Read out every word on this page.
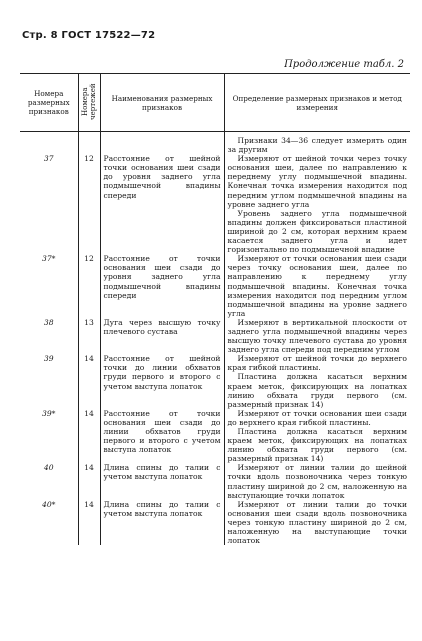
Стр. 8 ГОСТ 17522—72
Продолжение табл. 2
Номера размерных признаков	Номера чертежей	Наименования размерных признаков	Определение размерных признаков и метод измерения

			Признаки 34—36 следует измерять один за другим

37	12	Расстояние от шейной точки основания шеи сзади до уровня заднего угла подмышечной впадины спереди	Измеряют от шейной точки через точку основания шеи, далее по направлению к переднему углу подмышечной впадины. Конечная точка измерения находится под передним углом подмышечной впадины на уровне заднего угла

Уровень заднего угла подмышечной впадины должен фиксироваться пластиной шириной до 2 см, которая верхним краем касается заднего угла и идет горизонтально по подмышечной впадине

37*	12	Расстояние от точки основания шеи сзади до уровня заднего угла подмышечной впадины спереди	Измеряют от точки основания шеи сзади через точку основания шеи, далее по направлению к переднему углу подмышечной впадины. Конечная точка измерения находится под передним углом подмышечной впадины на уровне заднего угла

38	13	Дуга через высшую точку плечевого сустава	Измеряют в вертикальной плоскости от заднего угла подмышечной впадины через высшую точку плечевого сустава до уровня заднего угла спереди под передним углом

39	14	Расстояние от шейной точки до линии обхватов груди первого и второго с учетом выступа лопаток	Измеряют от шейной точки до верхнего края гибкой пластины.

Пластина должна касаться верхним краем меток, фиксирующих на лопатках линию обхвата груди первого (см. размерный признак 14)

39*	14	Расстояние от точки основания шеи сзади до линии обхватов груди первого и второго с учетом выступа лопаток	Измеряют от точки основания шеи сзади до верхнего края гибкой пластины.

Пластина должна касаться верхним краем меток, фиксирующих на лопатках линию обхвата груди первого (см. размерный признак 14)

40	14	Длина спины до талии с учетом выступа лопаток	Измеряют от линии талии до шейной точки вдоль позвоночника через тонкую пластину шириной до 2 см, наложенную на выступающие точки лопаток

40*	14	Длина спины до талии с учетом выступа лопаток	Измеряют от линии талии до точки основания шеи сзади вдоль позвоночника через тонкую пластину шириной до 2 см, наложенную на выступающие точки лопаток
